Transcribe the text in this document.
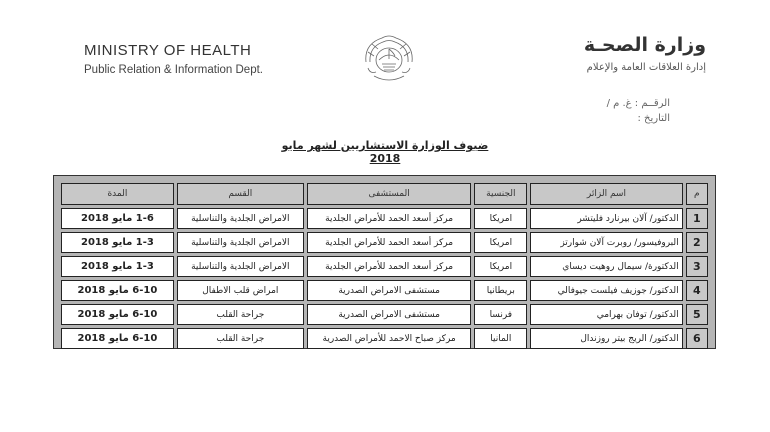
MINISTRY OF HEALTH
Public Relation & Information Dept.
وزارة الصحـة
إدارة العلاقات العامة والإعلام
الرقــم : غ. م /
التاريخ :
ضيوف الوزارة الاستشاريين لشهر مايو 2018
م	اسم الزائر	الجنسية	المستشفى	القسم	المدة
1	الدكتور/ آلان بيرنارد فليتشر	امريكا	مركز أسعد الحمد للأمراض الجلدية	الامراض الجلدية والتناسلية	1-6 مايو 2018
2	البروفيسور/ روبرت آلان شوارتز	امريكا	مركز أسعد الحمد للأمراض الجلدية	الامراض الجلدية والتناسلية	1-3 مايو 2018
3	الدكتورة/ سيمال روهيت ديساي	امريكا	مركز أسعد الحمد للأمراض الجلدية	الامراض الجلدية والتناسلية	1-3 مايو 2018
4	الدكتور/ جوزيف فيلست جيوفالي	بريطانيا	مستشفى الامراض الصدرية	امراض قلب الاطفال	6-10 مايو 2018
5	الدكتور/ توفان بهرامي	فرنسا	مستشفى الامراض الصدرية	جراحة القلب	6-10 مايو 2018
6	الدكتور/ الريج بيتر روزندال	المانيا	مركز صباح الاحمد للأمراض الصدرية	جراحة القلب	6-10 مايو 2018
